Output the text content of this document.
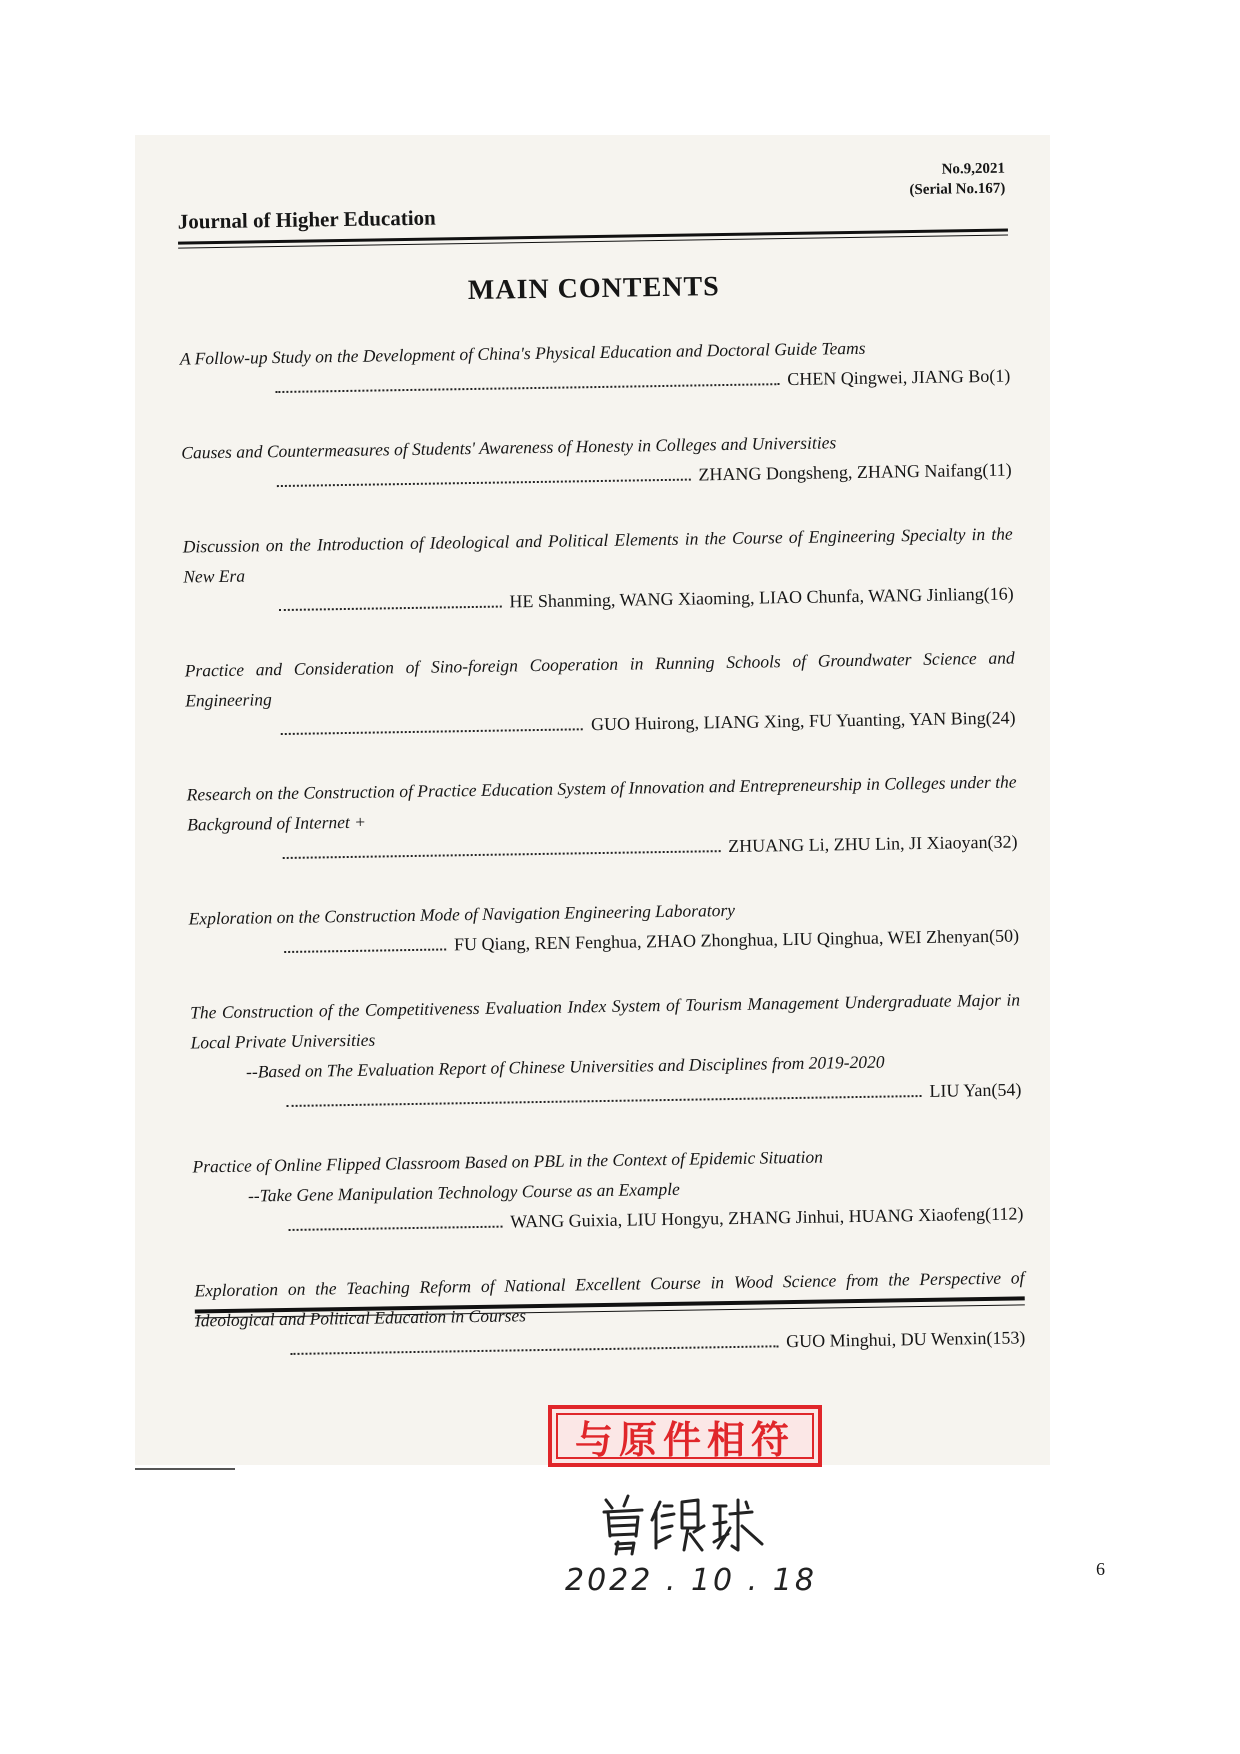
No.9,2021
(Serial No.167)
Journal of Higher Education
MAIN CONTENTS
A Follow-up Study on the Development of China's Physical Education and Doctoral Guide Teams
CHEN Qingwei, JIANG Bo(1)
Causes and Countermeasures of Students' Awareness of Honesty in Colleges and Universities
ZHANG Dongsheng, ZHANG Naifang(11)
Discussion on the Introduction of Ideological and Political Elements in the Course of Engineering Specialty in the New Era
HE Shanming, WANG Xiaoming, LIAO Chunfa, WANG Jinliang(16)
Practice and Consideration of Sino-foreign Cooperation in Running Schools of Groundwater Science and Engineering
GUO Huirong, LIANG Xing, FU Yuanting, YAN Bing(24)
Research on the Construction of Practice Education System of Innovation and Entrepreneurship in Colleges under the Background of Internet +
ZHUANG Li, ZHU Lin, JI Xiaoyan(32)
Exploration on the Construction Mode of Navigation Engineering Laboratory
FU Qiang, REN Fenghua, ZHAO Zhonghua, LIU Qinghua, WEI Zhenyan(50)
The Construction of the Competitiveness Evaluation Index System of Tourism Management Undergraduate Major in Local Private Universities
--Based on The Evaluation Report of Chinese Universities and Disciplines from 2019-2020
LIU Yan(54)
Practice of Online Flipped Classroom Based on PBL in the Context of Epidemic Situation
--Take Gene Manipulation Technology Course as an Example
WANG Guixia, LIU Hongyu, ZHANG Jinhui, HUANG Xiaofeng(112)
Exploration on the Teaching Reform of National Excellent Course in Wood Science from the Perspective of Ideological and Political Education in Courses
GUO Minghui, DU Wenxin(153)
与原件相符
2022 . 10 . 18	6
